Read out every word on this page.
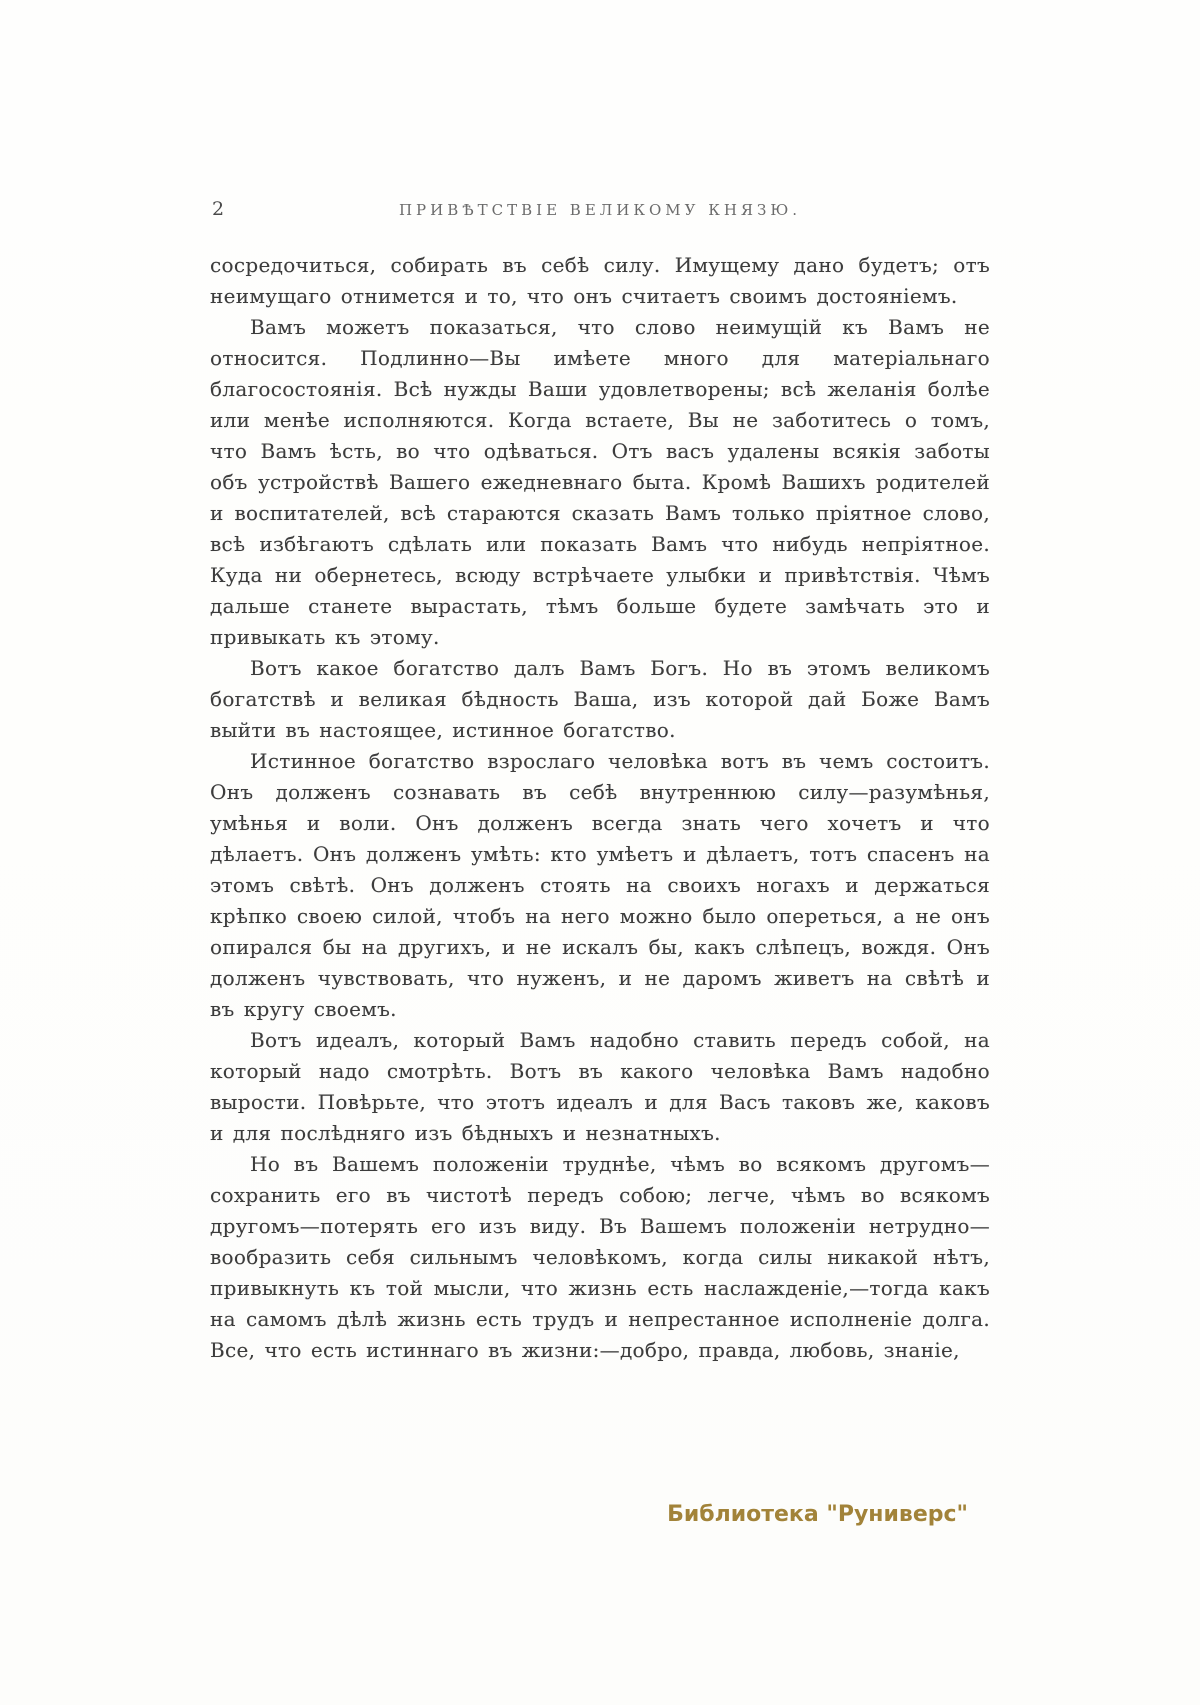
2	ПРИВѢТСТВІЕ ВЕЛИКОМУ КНЯЗЮ.

сосредочиться, собирать въ себѣ силу. Имущему дано будетъ; отъ неимущаго отнимется и то, что онъ считаетъ своимъ достояніемъ.

Вамъ можетъ показаться, что слово неимущій къ Вамъ не относится. Подлинно—Вы имѣете много для матеріальнаго благосостоянія. Всѣ нужды Ваши удовлетворены; всѣ желанія болѣе или менѣе исполняются. Когда встаете, Вы не заботитесь о томъ, что Вамъ ѣсть, во что одѣваться. Отъ васъ удалены всякія заботы объ устройствѣ Вашего ежедневнаго быта. Кромѣ Вашихъ родителей и воспитателей, всѣ стараются сказать Вамъ только пріятное слово, всѣ избѣгаютъ сдѣлать или показать Вамъ что нибудь непріятное. Куда ни обернетесь, всюду встрѣчаете улыбки и привѣтствія. Чѣмъ дальше станете вырастать, тѣмъ больше будете замѣчать это и привыкать къ этому.

Вотъ какое богатство далъ Вамъ Богъ. Но въ этомъ великомъ богатствѣ и великая бѣдность Ваша, изъ которой дай Боже Вамъ выйти въ настоящее, истинное богатство.

Истинное богатство взрослаго человѣка вотъ въ чемъ состоитъ. Онъ долженъ сознавать въ себѣ внутреннюю силу—разумѣнья, умѣнья и воли. Онъ долженъ всегда знать чего хочетъ и что дѣлаетъ. Онъ долженъ умѣть: кто умѣетъ и дѣлаетъ, тотъ спасенъ на этомъ свѣтѣ. Онъ долженъ стоять на своихъ ногахъ и держаться крѣпко своею силой, чтобъ на него можно было опереться, а не онъ опирался бы на другихъ, и не искалъ бы, какъ слѣпецъ, вождя. Онъ долженъ чувствовать, что нуженъ, и не даромъ живетъ на свѣтѣ и въ кругу своемъ.

Вотъ идеалъ, который Вамъ надобно ставить передъ собой, на который надо смотрѣть. Вотъ въ какого человѣка Вамъ надобно вырости. Повѣрьте, что этотъ идеалъ и для Васъ таковъ же, каковъ и для послѣдняго изъ бѣдныхъ и незнатныхъ.

Но въ Вашемъ положеніи труднѣе, чѣмъ во всякомъ другомъ— сохранить его въ чистотѣ передъ собою; легче, чѣмъ во всякомъ другомъ—потерять его изъ виду. Въ Вашемъ положеніи нетрудно—вообразить себя сильнымъ человѣкомъ, когда силы никакой нѣтъ, привыкнуть къ той мысли, что жизнь есть наслажденіе,—тогда какъ на самомъ дѣлѣ жизнь есть трудъ и непрестанное исполненіе долга. Все, что есть истиннаго въ жизни:—добро, правда, любовь, знаніе,

Библиотека "Руниверс"
